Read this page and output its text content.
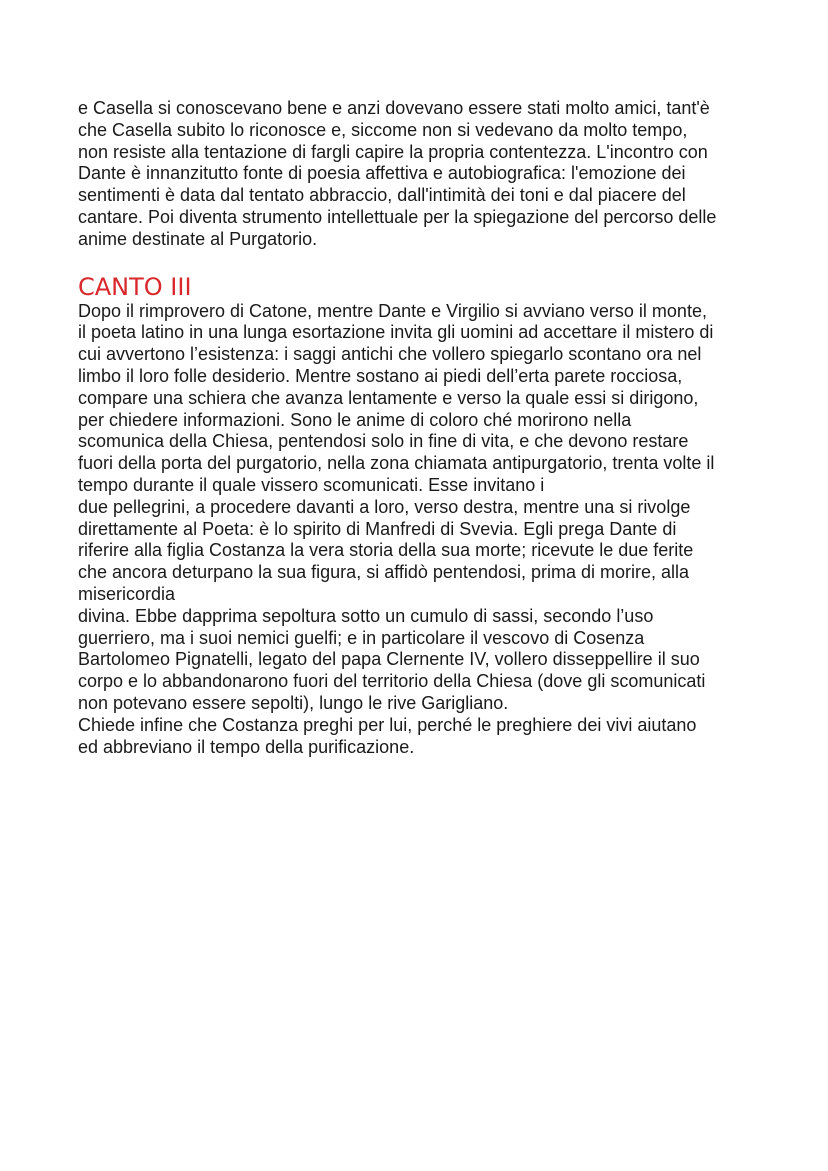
e Casella si conoscevano bene e anzi dovevano essere stati molto amici, tant'è
che Casella subito lo riconosce e, siccome non si vedevano da molto tempo,
non resiste alla tentazione di fargli capire la propria contentezza. L'incontro con
Dante è innanzitutto fonte di poesia affettiva e autobiografica: l'emozione dei
sentimenti è data dal tentato abbraccio, dall'intimità dei toni e dal piacere del
cantare. Poi diventa strumento intellettuale per la spiegazione del percorso delle
anime destinate al Purgatorio.
CANTO III
Dopo il rimprovero di Catone, mentre Dante e Virgilio si avviano verso il monte,
il poeta latino in una lunga esortazione invita gli uomini ad accettare il mistero di
cui avvertono l’esistenza: i saggi antichi che vollero spiegarlo scontano ora nel
limbo il loro folle desiderio. Mentre sostano ai piedi dell’erta parete rocciosa,
compare una schiera che avanza lentamente e verso la quale essi si dirigono,
per chiedere informazioni. Sono le anime di coloro ché morirono nella
scomunica della Chiesa, pentendosi solo in fine di vita, e che devono restare
fuori della porta del purgatorio, nella zona chiamata antipurgatorio, trenta volte il
tempo durante il quale vissero scomunicati. Esse invitano i
due pellegrini, a procedere davanti a loro, verso destra, mentre una si rivolge
direttamente al Poeta: è lo spirito di Manfredi di Svevia. Egli prega Dante di
riferire alla figlia Costanza la vera storia della sua morte; ricevute le due ferite
che ancora deturpano la sua figura, si affidò pentendosi, prima di morire, alla
misericordia
divina. Ebbe dapprima sepoltura sotto un cumulo di sassi, secondo l’uso
guerriero, ma i suoi nemici guelfi; e in particolare il vescovo di Cosenza
Bartolomeo Pignatelli, legato del papa Clernente IV, vollero disseppellire il suo
corpo e lo abbandonarono fuori del territorio della Chiesa (dove gli scomunicati
non potevano essere sepolti), lungo le rive Garigliano.
Chiede infine che Costanza preghi per lui, perché le preghiere dei vivi aiutano
ed abbreviano il tempo della purificazione.
